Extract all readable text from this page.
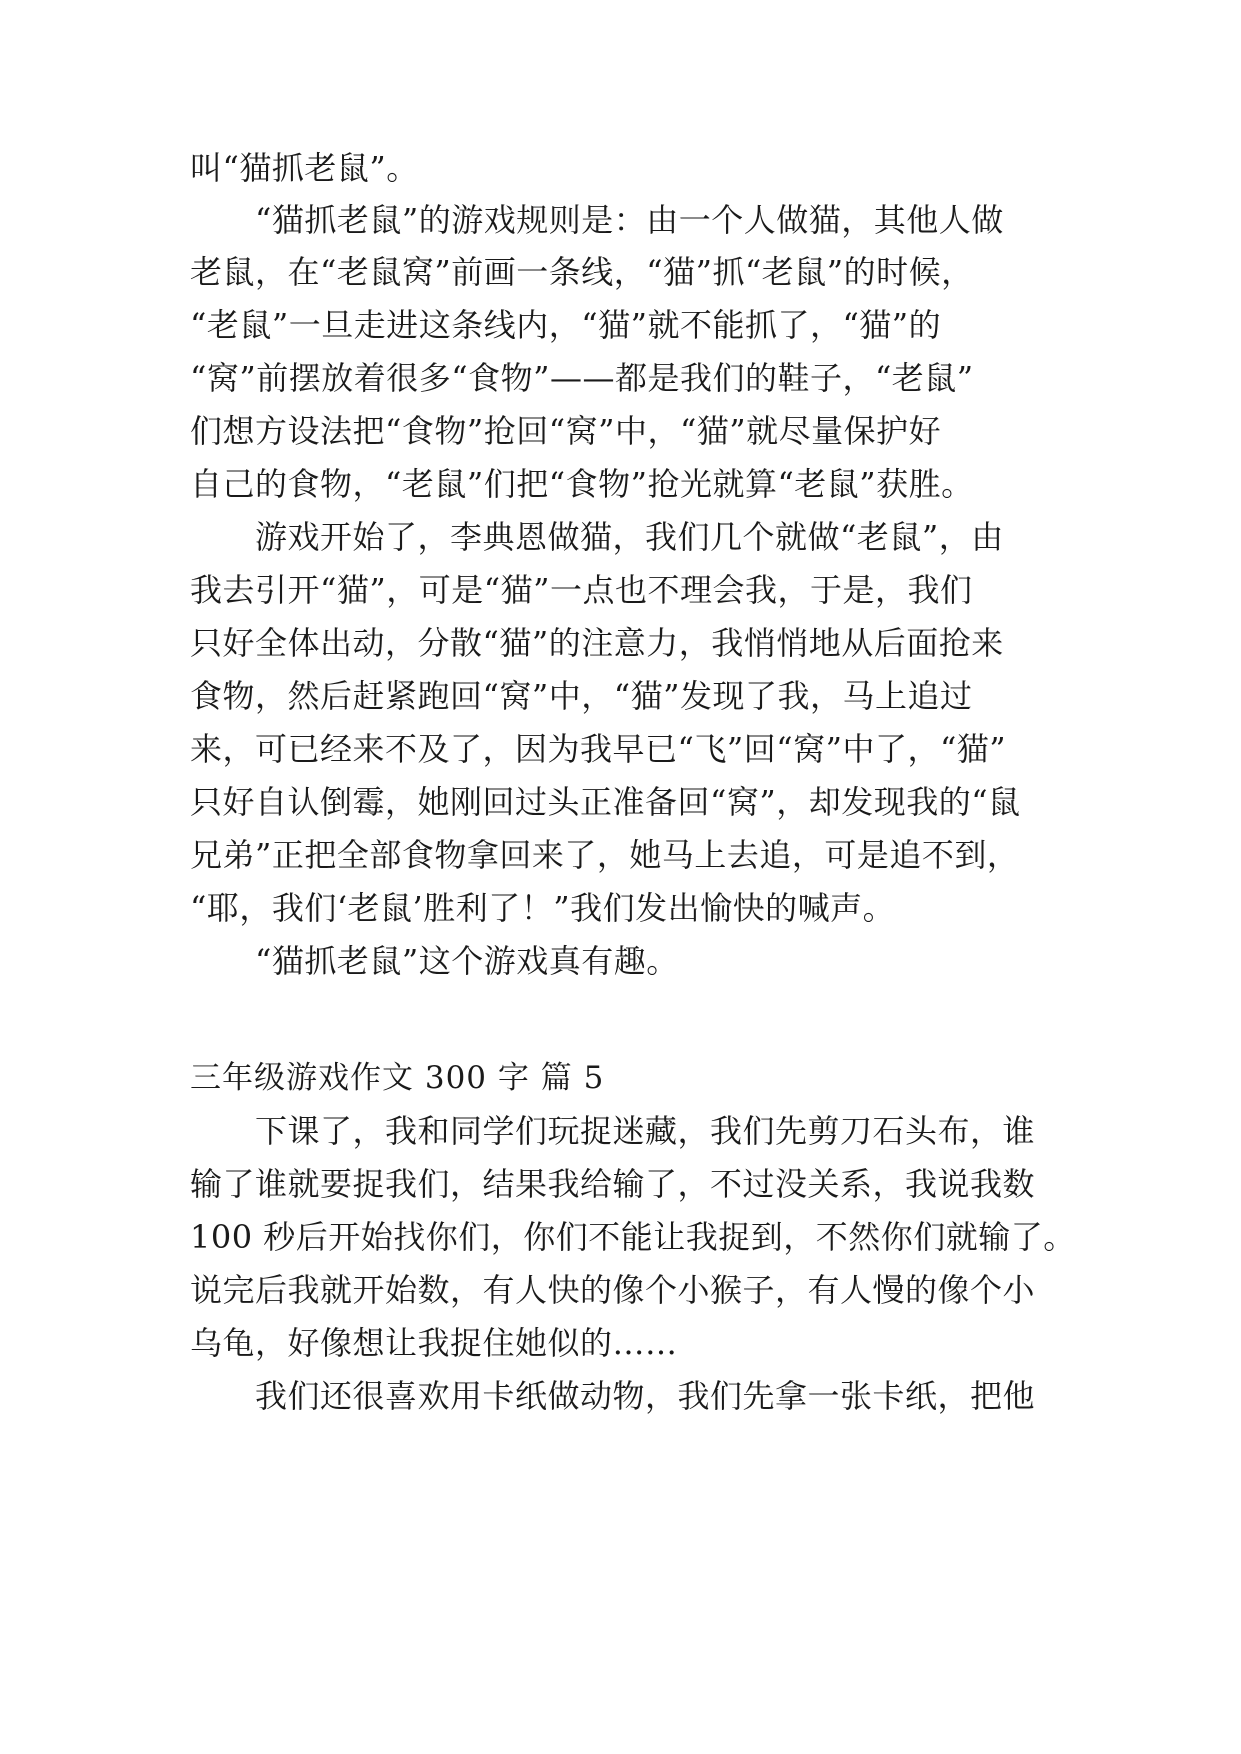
叫“猫抓老鼠”。
“猫抓老鼠”的游戏规则是：由一个人做猫，其他人做
老鼠，在“老鼠窝”前画一条线，“猫”抓“老鼠”的时候，
“老鼠”一旦走进这条线内，“猫”就不能抓了，“猫”的
“窝”前摆放着很多“食物”——都是我们的鞋子，“老鼠”
们想方设法把“食物”抢回“窝”中，“猫”就尽量保护好
自己的食物，“老鼠”们把“食物”抢光就算“老鼠”获胜。
游戏开始了，李典恩做猫，我们几个就做“老鼠”，由
我去引开“猫”，可是“猫”一点也不理会我，于是，我们
只好全体出动，分散“猫”的注意力，我悄悄地从后面抢来
食物，然后赶紧跑回“窝”中，“猫”发现了我，马上追过
来，可已经来不及了，因为我早已“飞”回“窝”中了，“猫”
只好自认倒霉，她刚回过头正准备回“窝”，却发现我的“鼠
兄弟”正把全部食物拿回来了，她马上去追，可是追不到，
“耶，我们‘老鼠’胜利了！”我们发出愉快的喊声。
“猫抓老鼠”这个游戏真有趣。
三年级游戏作文 300 字 篇 5
下课了，我和同学们玩捉迷藏，我们先剪刀石头布，谁
输了谁就要捉我们，结果我给输了，不过没关系，我说我数
100 秒后开始找你们，你们不能让我捉到，不然你们就输了。
说完后我就开始数，有人快的像个小猴子，有人慢的像个小
乌龟，好像想让我捉住她似的……
我们还很喜欢用卡纸做动物，我们先拿一张卡纸，把他
